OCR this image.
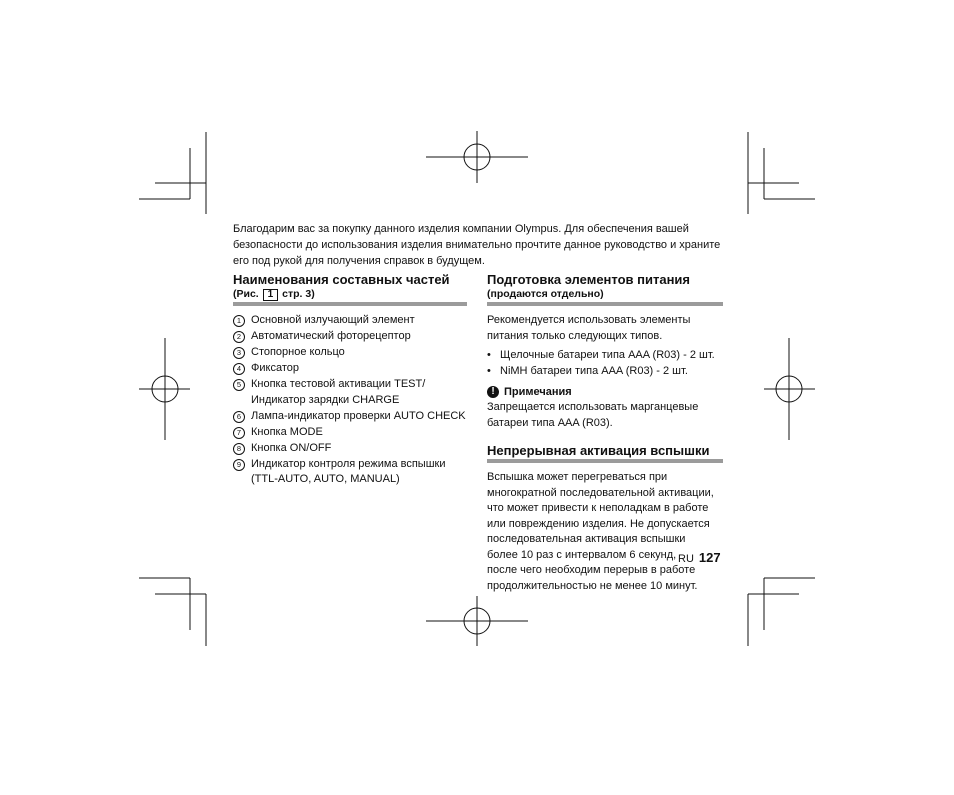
Благодарим вас за покупку данного изделия компании Olympus. Для обеспечения вашей безопасности до использования изделия внимательно прочтите данное руководство и храните его под рукой для получения справок в будущем.

Наименования составных частей
(Рис. 1 стр. 3)
1 Основной излучающий элемент
2 Автоматический фоторецептор
3 Стопорное кольцо
4 Фиксатор
5 Кнопка тестовой активации TEST/
Индикатор зарядки CHARGE
6 Лампа-индикатор проверки AUTO CHECK
7 Кнопка MODE
8 Кнопка ON/OFF
9 Индикатор контроля режима вспышки
(TTL-AUTO, AUTO, MANUAL)
Подготовка элементов питания
(продаются отдельно)

Рекомендуется использовать элементы
питания только следующих типов.

• Щелочные батареи типа AAA (R03) - 2 шт.
• NiMH батареи типа AAA (R03) - 2 шт.
! Примечания

Запрещается использовать марганцевые
батареи типа AAA (R03).

Непрерывная активация вспышки

Вспышка может перегреваться при
многократной последовательной активации,
что может привести к неполадкам в работе
или повреждению изделия. Не допускается
последовательная активация вспышки
более 10 раз с интервалом 6 секунд,
после чего необходим перерыв в работе
продолжительностью не менее 10 минут.

RU 127
